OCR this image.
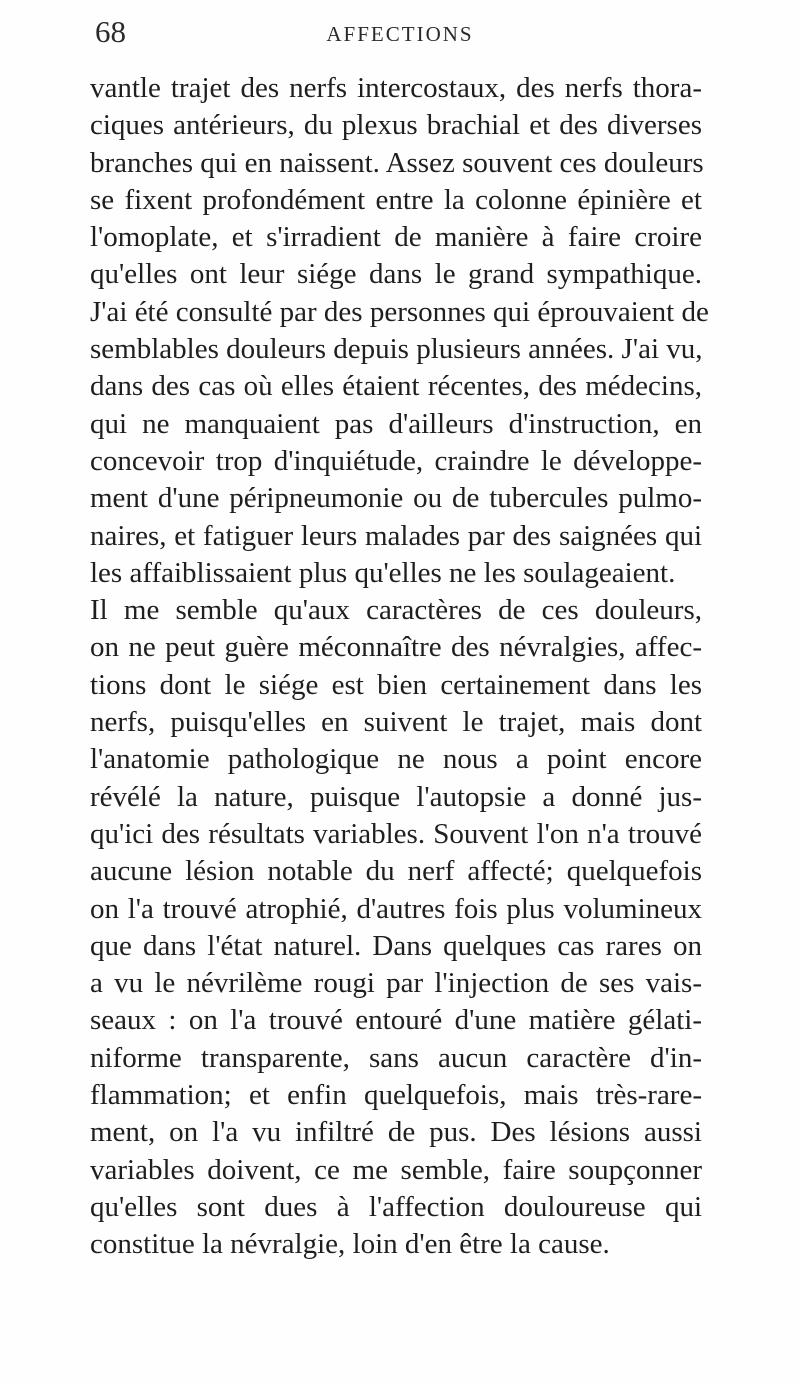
68	AFFECTIONS
vantle trajet des nerfs intercostaux, des nerfs thora-
ciques antérieurs, du plexus brachial et des diverses
branches qui en naissent. Assez souvent ces douleurs
se fixent profondément entre la colonne épinière et
l'omoplate, et s'irradient de manière à faire croire
qu'elles ont leur siége dans le grand sympathique.
J'ai été consulté par des personnes qui éprouvaient de
semblables douleurs depuis plusieurs années. J'ai vu,
dans des cas où elles étaient récentes, des médecins,
qui ne manquaient pas d'ailleurs d'instruction, en
concevoir trop d'inquiétude, craindre le développe-
ment d'une péripneumonie ou de tubercules pulmo-
naires, et fatiguer leurs malades par des saignées qui
les affaiblissaient plus qu'elles ne les soulageaient.
Il me semble qu'aux caractères de ces douleurs,
on ne peut guère méconnaître des névralgies, affec-
tions dont le siége est bien certainement dans les
nerfs, puisqu'elles en suivent le trajet, mais dont
l'anatomie pathologique ne nous a point encore
révélé la nature, puisque l'autopsie a donné jus-
qu'ici des résultats variables. Souvent l'on n'a trouvé
aucune lésion notable du nerf affecté; quelquefois
on l'a trouvé atrophié, d'autres fois plus volumineux
que dans l'état naturel. Dans quelques cas rares on
a vu le névrilème rougi par l'injection de ses vais-
seaux : on l'a trouvé entouré d'une matière gélati-
niforme transparente, sans aucun caractère d'in-
flammation; et enfin quelquefois, mais très-rare-
ment, on l'a vu infiltré de pus. Des lésions aussi
variables doivent, ce me semble, faire soupçonner
qu'elles sont dues à l'affection douloureuse qui
constitue la névralgie, loin d'en être la cause.
